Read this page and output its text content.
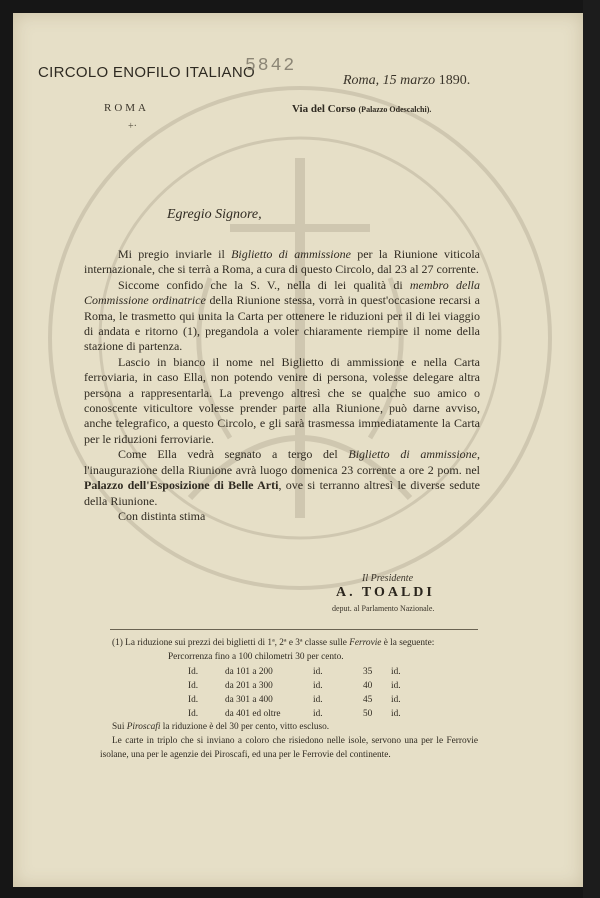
CIRCOLO ENOFILO ITALIANO
5842
Roma, 15 marzo 1890.
ROMA
+·
Via del Corso (Palazzo Odescalchi).
Egregio Signore,

Mi pregio inviarle il Biglietto di ammissione per la Riunione viticola internazionale, che si terrà a Roma, a cura di questo Circolo, dal 23 al 27 corrente.

Siccome confido che la S. V., nella di lei qualità di membro della Commissione ordinatrice della Riunione stessa, vorrà in quest'occasione recarsi a Roma, le trasmetto qui unita la Carta per ottenere le riduzioni per il di lei viaggio di andata e ritorno (1), pregandola a voler chiaramente riempire il nome della stazione di partenza.

Lascio in bianco il nome nel Biglietto di ammissione e nella Carta ferroviaria, in caso Ella, non potendo venire di persona, volesse delegare altra persona a rappresentarla. La prevengo altresì che se qualche suo amico o conoscente viticultore volesse prender parte alla Riunione, può darne avviso, anche telegrafico, a questo Circolo, e gli sarà trasmessa immediatamente la Carta per le riduzioni ferroviarie.

Come Ella vedrà segnato a tergo del Biglietto di ammissione, l'inaugurazione della Riunione avrà luogo domenica 23 corrente a ore 2 pom. nel Palazzo dell'Esposizione di Belle Arti, ove si terranno altresì le diverse sedute della Riunione.

Con distinta stima

Il Presidente
A. TOALDI
deput. al Parlamento Nazionale.

(1) La riduzione sui prezzi dei biglietti di 1ª, 2ª e 3ª classe sulle Ferrovie è la seguente:

Percorrenza fino a 100 chilometri 30 per cento.

Id.	da 101 a 200	id.	35	id.
Id.	da 201 a 300	id.	40	id.
Id.	da 301 a 400	id.	45	id.
Id.	da 401 ed oltre	id.	50	id.

Sui Piroscafi la riduzione è del 30 per cento, vitto escluso.

Le carte in triplo che si inviano a coloro che risiedono nelle isole, servono una per le Ferrovie isolane, una per le agenzie dei Piroscafi, ed una per le Ferrovie del continente.
